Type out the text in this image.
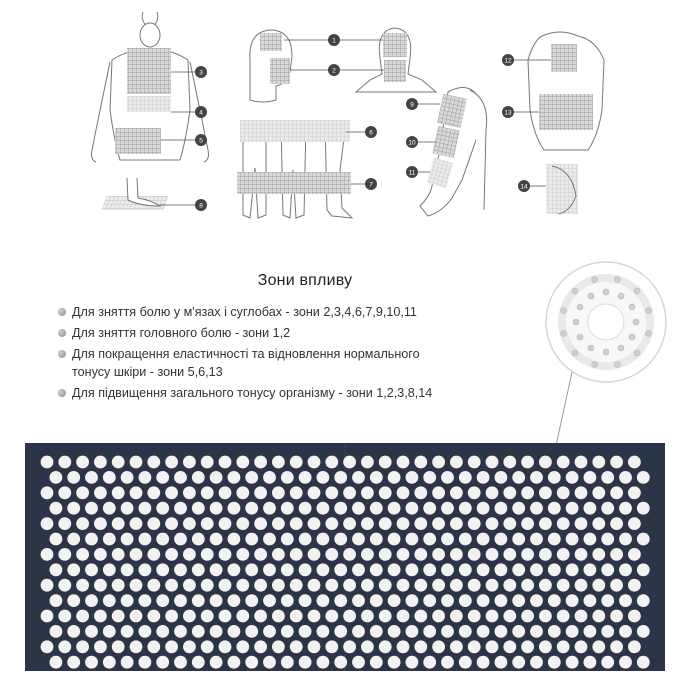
1
2
3
4
5
6
7
8
9
10
11
12
13
14
Зони впливу
Для зняття болю у м'язах і суглобах - зони 2,3,4,6,7,9,10,11
Для зняття головного болю - зони 1,2
Для покращення еластичності та відновлення нормального
тонусу шкіри - зони 5,6,13
Для підвищення загального тонусу організму - зони 1,2,3,8,14
